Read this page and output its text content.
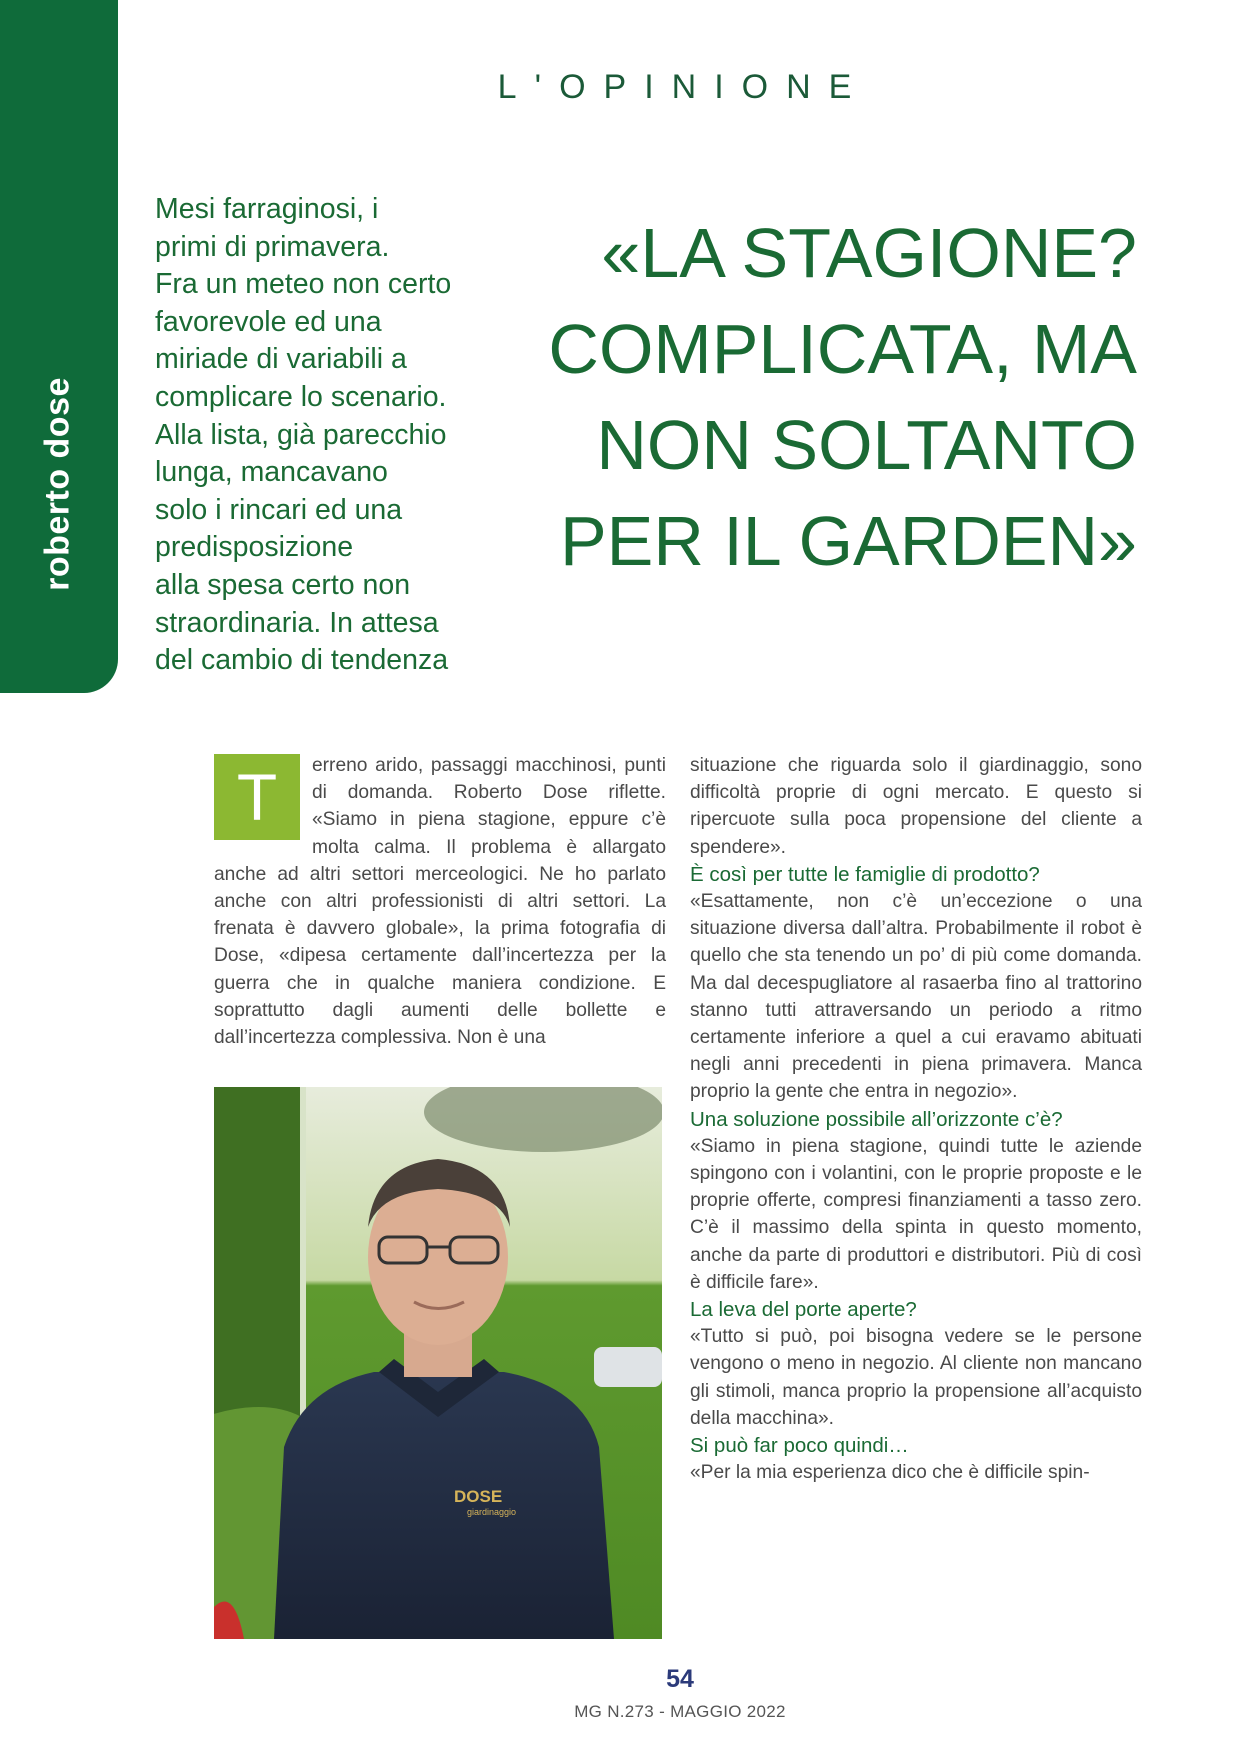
roberto dose
L'OPINIONE
Mesi farraginosi, i
primi di primavera.
Fra un meteo non certo
favorevole ed una
miriade di variabili a
complicare lo scenario.
Alla lista, già parecchio
lunga, mancavano
solo i rincari ed una
predisposizione
alla spesa certo non
straordinaria. In attesa
del cambio di tendenza
«LA STAGIONE?
COMPLICATA, MA
NON SOLTANTO
PER IL GARDEN»
T	erreno arido, passaggi macchinosi, punti di domanda. Roberto Dose riflette. «Siamo in piena stagione, eppure c’è molta calma. Il problema è allargato anche ad altri settori merceologici. Ne ho parlato anche con altri professionisti di altri settori. La frenata è davvero globale», la prima fotografia di Dose, «dipesa certamente dall’incertezza per la guerra che in qualche maniera condizione. E soprattutto dagli aumenti delle bollette e dall’incertezza complessiva. Non è una

DOSE
giardinaggio

situazione che riguarda solo il giardinaggio, sono difficoltà proprie di ogni mercato. E questo si ripercuote sulla poca propensione del cliente a spendere».

È così per tutte le famiglie di prodotto?

«Esattamente, non c’è un’eccezione o una situazione diversa dall’altra. Probabilmente il robot è quello che sta tenendo un po’ di più come domanda. Ma dal decespugliatore al rasaerba fino al trattorino stanno tutti attraversando un periodo a ritmo certamente inferiore a quel a cui eravamo abituati negli anni precedenti in piena primavera. Manca proprio la gente che entra in negozio».

Una soluzione possibile all’orizzonte c’è?

«Siamo in piena stagione, quindi tutte le aziende spingono con i volantini, con le proprie proposte e le proprie offerte, compresi finanziamenti a tasso zero. C’è il massimo della spinta in questo momento, anche da parte di produttori e distributori. Più di così è difficile fare».

La leva del porte aperte?

«Tutto si può, poi bisogna vedere se le persone vengono o meno in negozio. Al cliente non mancano gli stimoli, manca proprio la propensione all’acquisto della macchina».

Si può far poco quindi…

«Per la mia esperienza dico che è difficile spin-

54
MG N.273 - MAGGIO 2022
